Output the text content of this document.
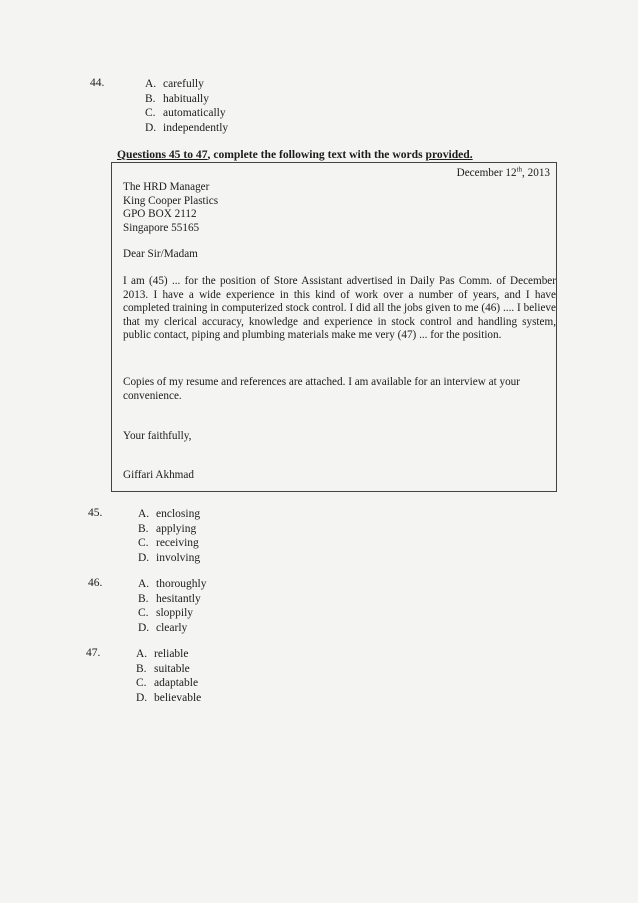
44.	A. carefully
B. habitually
C. automatically
D. independently
Questions 45 to 47, complete the following text with the words provided.
December 12th, 2013
The HRD Manager
King Cooper Plastics
GPO BOX 2112
Singapore 55165
Dear Sir/Madam
I am (45) ... for the position of Store Assistant advertised in Daily Pas Comm. of December 2013. I have a wide experience in this kind of work over a number of years, and I have completed training in computerized stock control. I did all the jobs given to me (46) .... I believe that my clerical accuracy, knowledge and experience in stock control and handling system, public contact, piping and plumbing materials make me very (47) ... for the position.
Copies of my resume and references are attached. I am available for an interview at your convenience.
Your faithfully,
Giffari Akhmad
45.	A. enclosing
B. applying
C. receiving
D. involving
46.	A. thoroughly
B. hesitantly
C. sloppily
D. clearly
47.	A. reliable
B. suitable
C. adaptable
D. believable
